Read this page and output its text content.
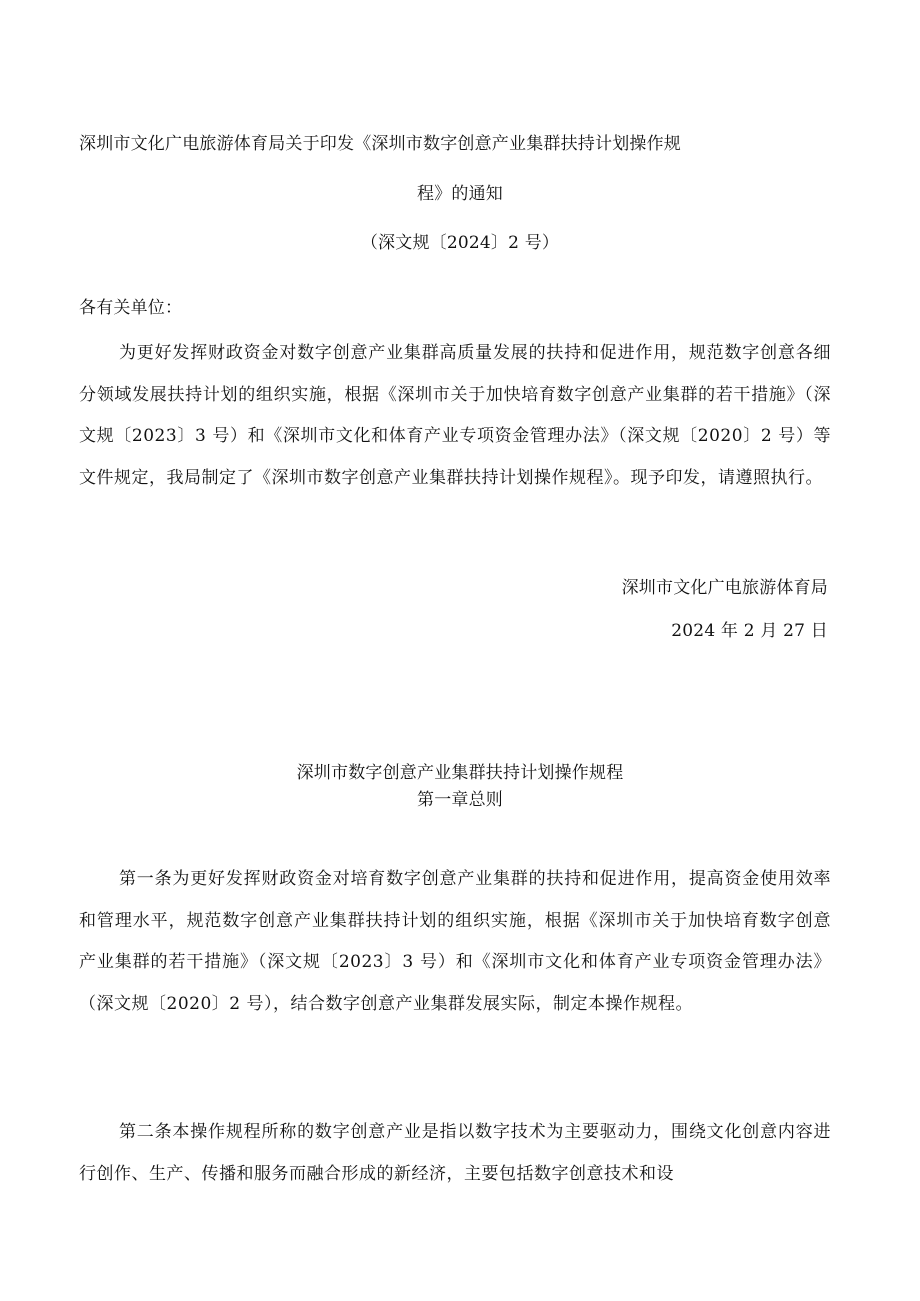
深圳市文化广电旅游体育局关于印发《深圳市数字创意产业集群扶持计划操作规
程》的通知
（深文规〔2024〕2 号）
各有关单位：
为更好发挥财政资金对数字创意产业集群高质量发展的扶持和促进作用，规范数字创意各细分领域发展扶持计划的组织实施，根据《深圳市关于加快培育数字创意产业集群的若干措施》（深文规〔2023〕3 号）和《深圳市文化和体育产业专项资金管理办法》（深文规〔2020〕2 号）等文件规定，我局制定了《深圳市数字创意产业集群扶持计划操作规程》。现予印发，请遵照执行。
深圳市文化广电旅游体育局
2024 年 2 月 27 日
深圳市数字创意产业集群扶持计划操作规程
第一章总则
第一条为更好发挥财政资金对培育数字创意产业集群的扶持和促进作用，提高资金使用效率和管理水平，规范数字创意产业集群扶持计划的组织实施，根据《深圳市关于加快培育数字创意产业集群的若干措施》（深文规〔2023〕3 号）和《深圳市文化和体育产业专项资金管理办法》（深文规〔2020〕2 号），结合数字创意产业集群发展实际，制定本操作规程。
第二条本操作规程所称的数字创意产业是指以数字技术为主要驱动力，围绕文化创意内容进行创作、生产、传播和服务而融合形成的新经济，主要包括数字创意技术和设
